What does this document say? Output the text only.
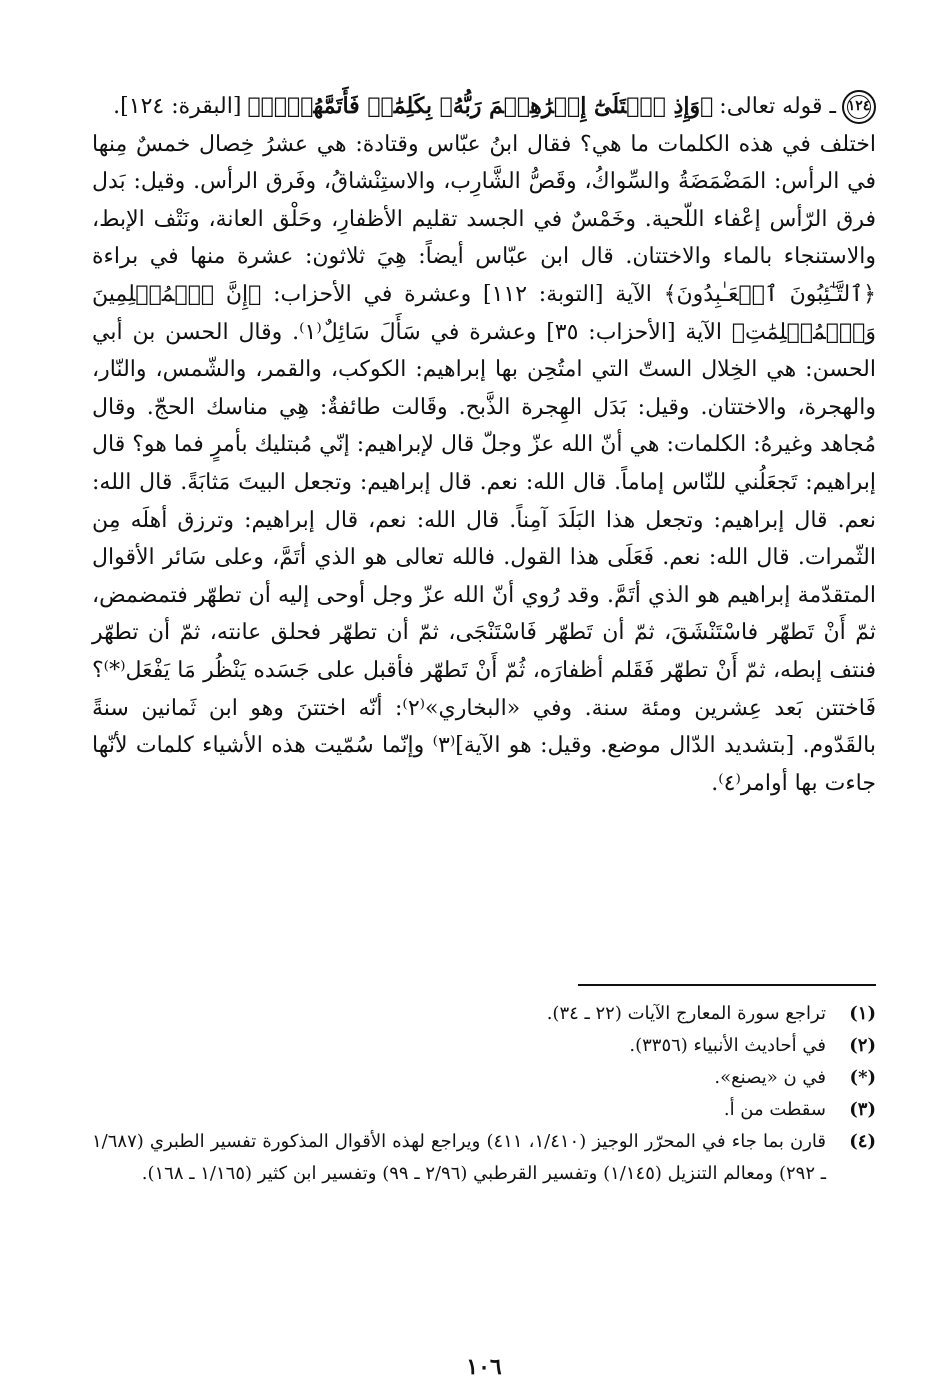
١٢٤
ـ قوله تعالى:
﴿وَإِذِ ٱبۡتَلَىٰٓ إِبۡرَٰهِـۧمَ رَبُّهُۥ بِكَلِمَٰتٖ فَأَتَمَّهُنَّۖ﴾
[البقرة: ١٢٤].

اختلف في هذه الكلمات ما هي؟ فقال ابنُ عبّاس وقتادة: هي عشرُ خِصال خمسٌ مِنها في الرأس: المَضْمَضَةُ والسِّواكُ، وقَصُّ الشَّارِب، والاستِنْشاقُ، وفَرق الرأس. وقيل: بَدل فرق الرّأس إعْفاء اللّحية. وخَمْسٌ في الجسد تقليم الأظفارِ، وحَلْق العانة، ونَتْف الإبط، والاستنجاء بالماء والاختتان. قال ابن عبّاس أيضاً: هِيَ ثلاثون: عشرة منها في براءة ﴿ٱلتَّـٰٓئِبُونَ ٱلۡعَـٰبِدُونَ﴾ الآية [التوبة: ١١٢] وعشرة في الأحزاب: ﴿إِنَّ ٱلۡمُسۡلِمِينَ وَٱلۡمُسۡلِمَٰتِ﴾ الآية [الأحزاب: ٣٥] وعشرة في سَأَلَ سَائِلٌ⁽١⁾. وقال الحسن بن أبي الحسن: هي الخِلال الستّ التي امتُحِن بها إبراهيم: الكوكب، والقمر، والشّمس، والنّار، والهجرة، والاختتان. وقيل: بَدَل الهِجرة الذَّبح. وقَالت طائفةٌ: هِي مناسك الحجّ. وقال مُجاهد وغيرهُ: الكلمات: هي أنّ الله عزّ وجلّ قال لإبراهيم: إنّي مُبتليك بأمرٍ فما هو؟ قال إبراهيم: تَجعَلُني للنّاس إماماً. قال الله: نعم. قال إبراهيم: وتجعل البيتَ مَثابَةً. قال الله: نعم. قال إبراهيم: وتجعل هذا البَلَدَ آمِناً. قال الله: نعم، قال إبراهيم: وترزق أهلَه مِن الثّمرات. قال الله: نعم. فَعَلَى هذا القول. فالله تعالى هو الذي أتَمَّ، وعلى سَائر الأقوال المتقدّمة إبراهيم هو الذي أتَمَّ. وقد رُوي أنّ الله عزّ وجل أوحى إليه أن تطهّر فتمضمض، ثمّ أَنْ تَطهّر فاسْتَنْشَقَ، ثمّ أن تَطهّر فَاسْتَنْجَى، ثمّ أن تطهّر فحلق عانته، ثمّ أن تطهّر فنتف إبطه، ثمّ أَنْ تطهّر فَقَلم أظفارَه، ثُمّ أَنْ تَطهّر فأقبل على جَسَده يَنْظُر مَا يَفْعَل⁽*⁾؟ فَاختتن بَعد عِشرين ومئة سنة. وفي «البخاري»⁽٢⁾: أنّه اختتنَ وهو ابن ثَمانين سنةً بالقَدّوم. [بتشديد الدّال موضع. وقيل: هو الآية]⁽٣⁾ وإنّما سُمّيت هذه الأشياء كلمات لأنّها جاءت بها أوامر⁽٤⁾.

(١)
تراجع سورة المعارج الآيات (٢٢ ـ ٣٤).
(٢)
في أحاديث الأنبياء (٣٣٥٦).
(*)
في ن «يصنع».
(٣)
سقطت من أ.
(٤)
قارن بما جاء في المحرّر الوجيز (١/٤١٠، ٤١١) ويراجع لهذه الأقوال المذكورة تفسير الطبري (١/٦٨٧ ـ ٢٩٢) ومعالم التنزيل (١/١٤٥) وتفسير القرطبي (٢/٩٦ ـ ٩٩) وتفسير ابن كثير (١/١٦٥ ـ ١٦٨).
١٠٦
